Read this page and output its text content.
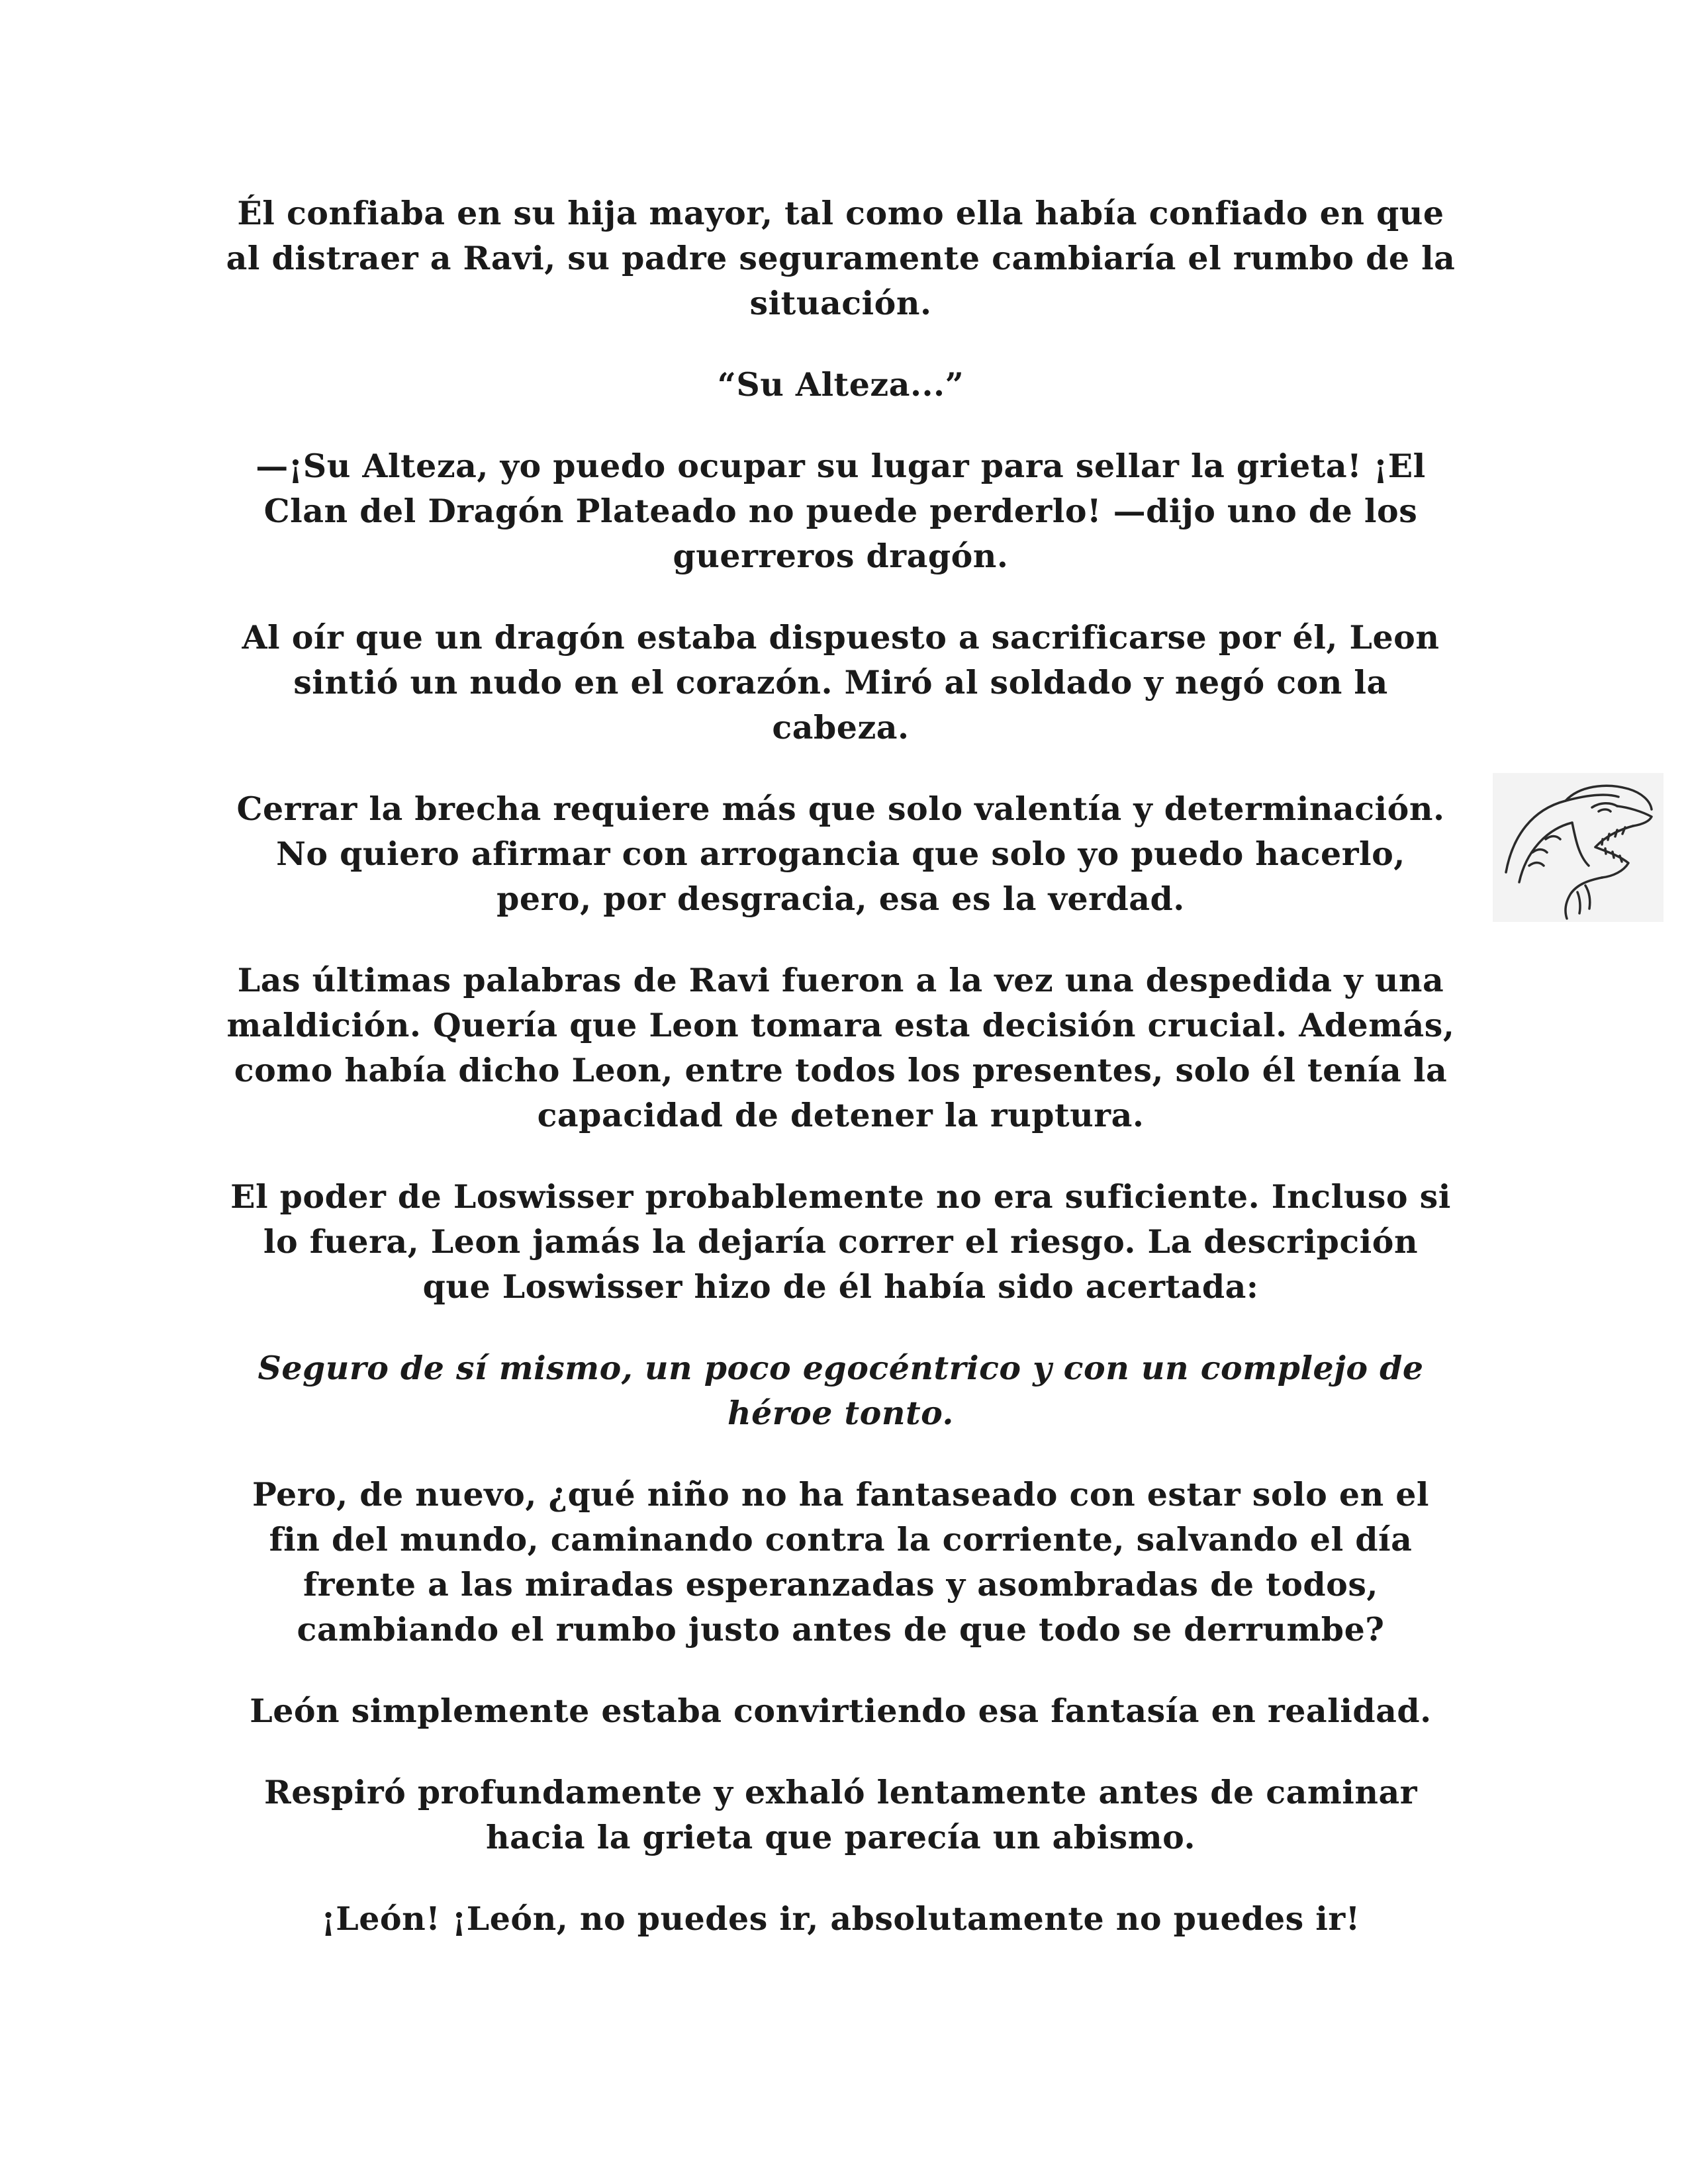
Él confiaba en su hija mayor, tal como ella había confiado en que al distraer a Ravi, su padre seguramente cambiaría el rumbo de la situación.

“Su Alteza...”

—¡Su Alteza, yo puedo ocupar su lugar para sellar la grieta! ¡El Clan del Dragón Plateado no puede perderlo! —dijo uno de los guerreros dragón.

Al oír que un dragón estaba dispuesto a sacrificarse por él, Leon sintió un nudo en el corazón. Miró al soldado y negó con la cabeza.

Cerrar la brecha requiere más que solo valentía y determinación. No quiero afirmar con arrogancia que solo yo puedo hacerlo, pero, por desgracia, esa es la verdad.

Las últimas palabras de Ravi fueron a la vez una despedida y una maldición. Quería que Leon tomara esta decisión crucial. Además, como había dicho Leon, entre todos los presentes, solo él tenía la capacidad de detener la ruptura.

El poder de Loswisser probablemente no era suficiente. Incluso si lo fuera, Leon jamás la dejaría correr el riesgo. La descripción que Loswisser hizo de él había sido acertada:

Seguro de sí mismo, un poco egocéntrico y con un complejo de héroe tonto.

Pero, de nuevo, ¿qué niño no ha fantaseado con estar solo en el fin del mundo, caminando contra la corriente, salvando el día frente a las miradas esperanzadas y asombradas de todos, cambiando el rumbo justo antes de que todo se derrumbe?

León simplemente estaba convirtiendo esa fantasía en realidad.

Respiró profundamente y exhaló lentamente antes de caminar hacia la grieta que parecía un abismo.

¡León! ¡León, no puedes ir, absolutamente no puedes ir!
